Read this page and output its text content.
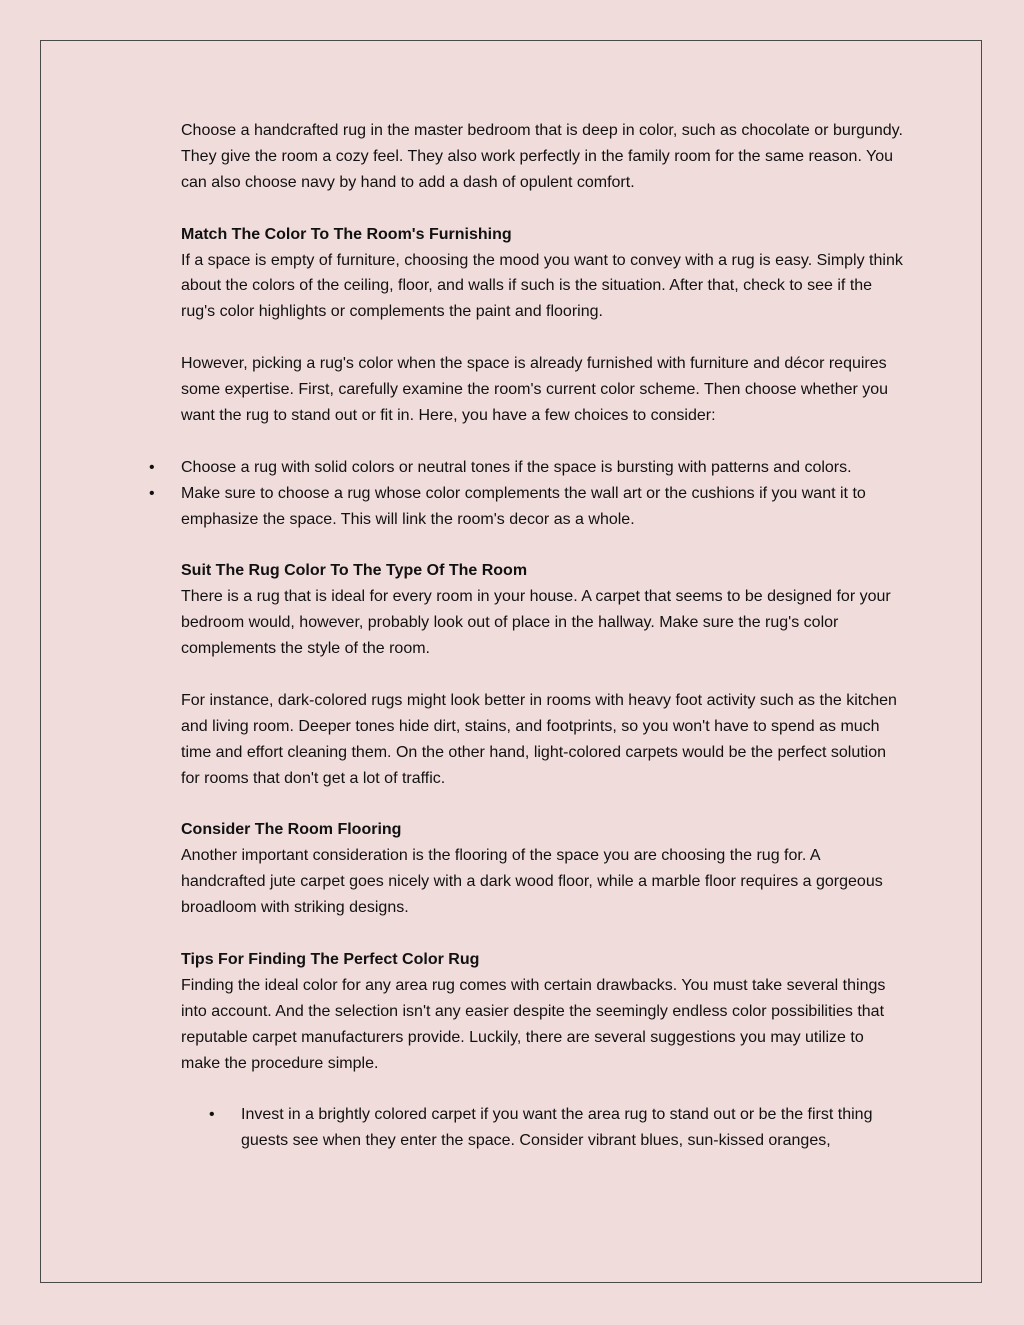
Choose a handcrafted rug in the master bedroom that is deep in color, such as chocolate or burgundy. They give the room a cozy feel. They also work perfectly in the family room for the same reason. You can also choose navy by hand to add a dash of opulent comfort.

Match The Color To The Room's Furnishing

If a space is empty of furniture, choosing the mood you want to convey with a rug is easy. Simply think about the colors of the ceiling, floor, and walls if such is the situation. After that, check to see if the rug's color highlights or complements the paint and flooring.

However, picking a rug's color when the space is already furnished with furniture and décor requires some expertise. First, carefully examine the room's current color scheme. Then choose whether you want the rug to stand out or fit in. Here, you have a few choices to consider:

• Choose a rug with solid colors or neutral tones if the space is bursting with patterns and colors.
• Make sure to choose a rug whose color complements the wall art or the cushions if you want it to emphasize the space. This will link the room's decor as a whole.

Suit The Rug Color To The Type Of The Room

There is a rug that is ideal for every room in your house. A carpet that seems to be designed for your bedroom would, however, probably look out of place in the hallway. Make sure the rug's color complements the style of the room.

For instance, dark-colored rugs might look better in rooms with heavy foot activity such as the kitchen and living room. Deeper tones hide dirt, stains, and footprints, so you won't have to spend as much time and effort cleaning them. On the other hand, light-colored carpets would be the perfect solution for rooms that don't get a lot of traffic.

Consider The Room Flooring

Another important consideration is the flooring of the space you are choosing the rug for. A handcrafted jute carpet goes nicely with a dark wood floor, while a marble floor requires a gorgeous broadloom with striking designs.

Tips For Finding The Perfect Color Rug

Finding the ideal color for any area rug comes with certain drawbacks. You must take several things into account. And the selection isn't any easier despite the seemingly endless color possibilities that reputable carpet manufacturers provide. Luckily, there are several suggestions you may utilize to make the procedure simple.

• Invest in a brightly colored carpet if you want the area rug to stand out or be the first thing guests see when they enter the space. Consider vibrant blues, sun-kissed oranges,
